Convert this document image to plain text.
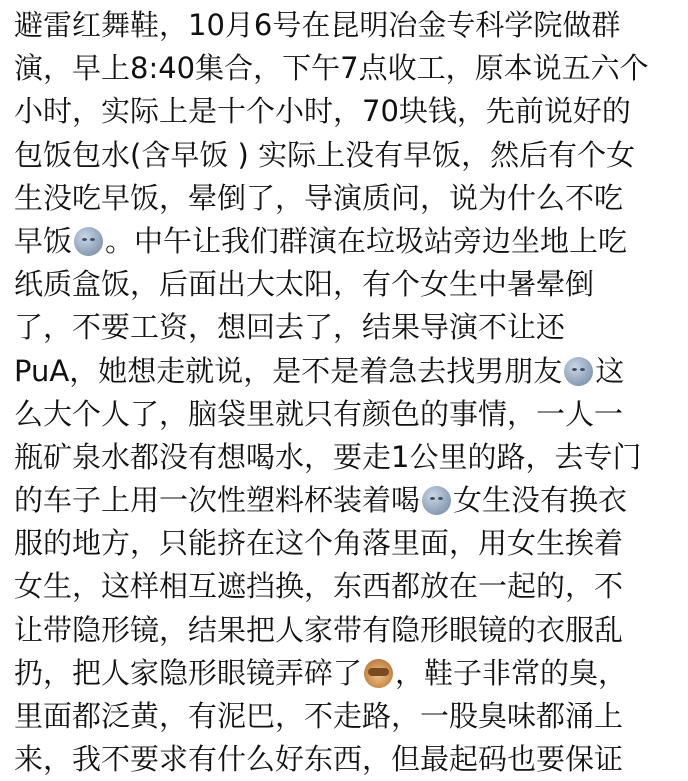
避雷红舞鞋，10月6号在昆明冶金专科学院做群
演，早上8:40集合，下午7点收工，原本说五六个
小时，实际上是十个小时，70块钱，先前说好的
包饭包水(含早饭 ) 实际上没有早饭，然后有个女
生没吃早饭，晕倒了，导演质问，说为什么不吃
早饭 。中午让我们群演在垃圾站旁边坐地上吃
纸质盒饭，后面出大太阳，有个女生中暑晕倒
了，不要工资，想回去了，结果导演不让还
PuA，她想走就说，是不是着急去找男朋友 这
么大个人了，脑袋里就只有颜色的事情，一人一
瓶矿泉水都没有想喝水，要走1公里的路，去专门
的车子上用一次性塑料杯装着喝 女生没有换衣
服的地方，只能挤在这个角落里面，用女生挨着
女生，这样相互遮挡换，东西都放在一起的，不
让带隐形镜，结果把人家带有隐形眼镜的衣服乱
扔，把人家隐形眼镜弄碎了 ，鞋子非常的臭，
里面都泛黄，有泥巴，不走路，一股臭味都涌上
来，我不要求有什么好东西，但最起码也要保证
